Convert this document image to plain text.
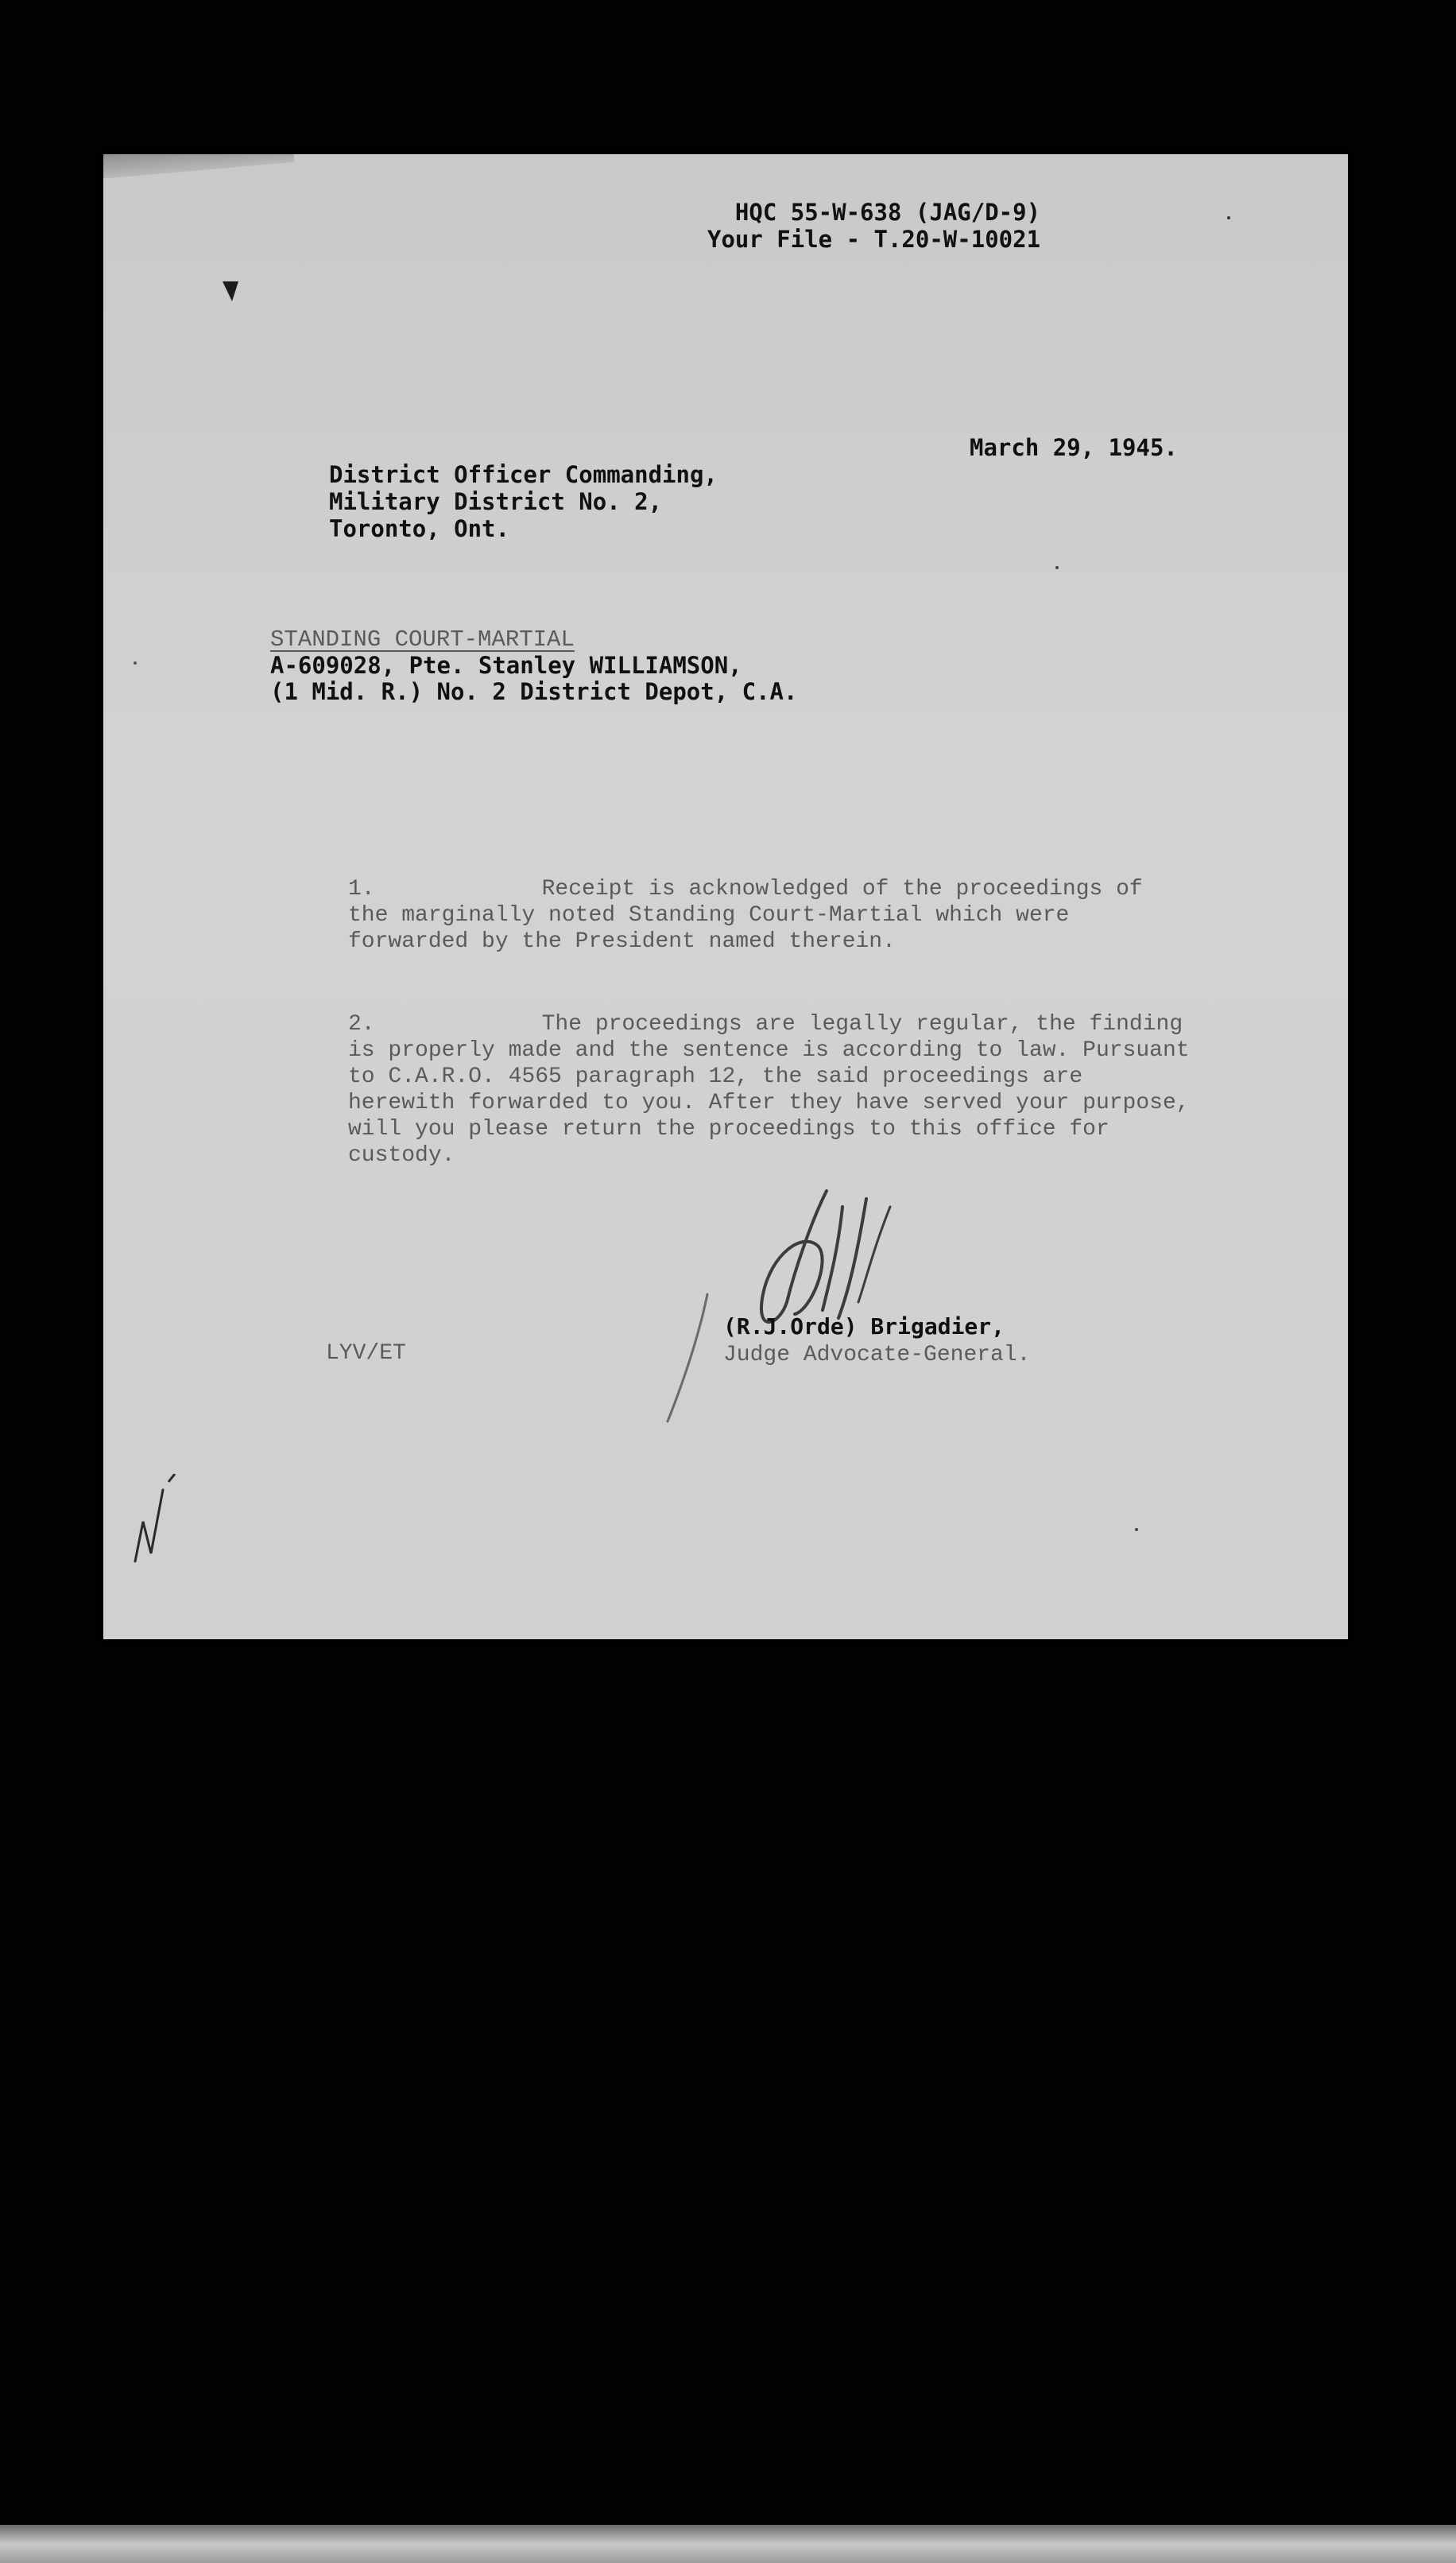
HQC 55-W-638 (JAG/D-9)
Your File - T.20-W-10021
March 29, 1945.
District Officer Commanding,
Military District No. 2,
Toronto, Ont.
STANDING COURT-MARTIAL
A-609028, Pte. Stanley WILLIAMSON,
(1 Mid. R.) No. 2 District Depot, C.A.

1.	Receipt is acknowledged of the proceedings of the marginally noted Standing Court-Martial which were forwarded by the President named therein.

2.	The proceedings are legally regular, the finding is properly made and the sentence is according to law. Pursuant to C.A.R.O. 4565 paragraph 12, the said proceedings are herewith forwarded to you. After they have served your purpose, will you please return the proceedings to this office for custody.

(R.J.Orde) Brigadier,
Judge Advocate-General.
LYV/ET
